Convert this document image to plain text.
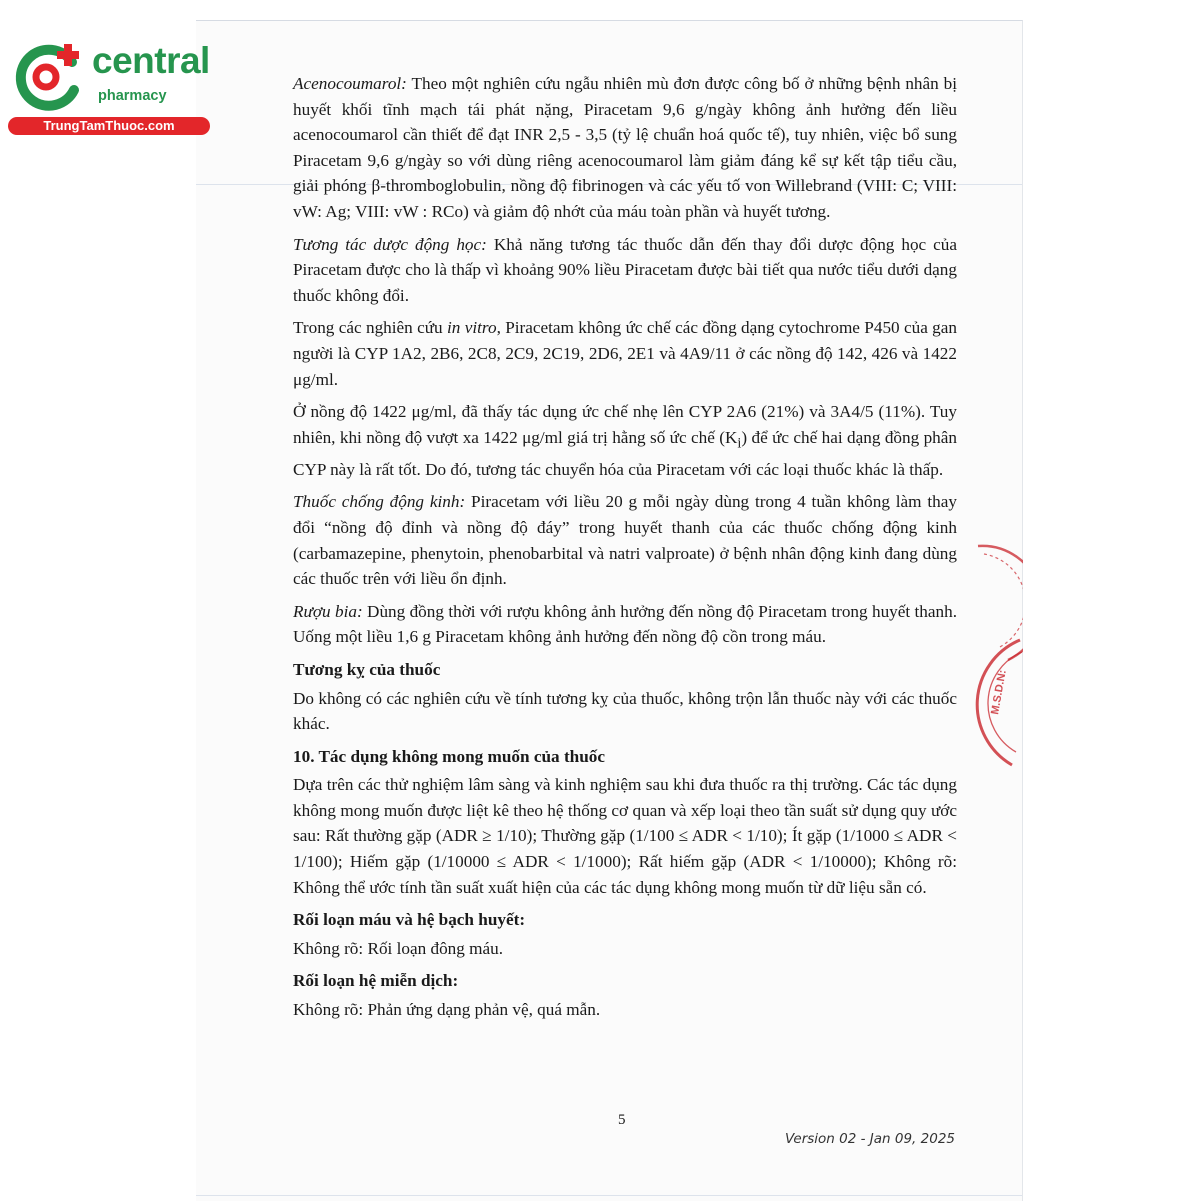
central
pharmacy
TrungTamThuoc.com

Acenocoumarol: Theo một nghiên cứu ngẫu nhiên mù đơn được công bố ở những bệnh nhân bị huyết khối tĩnh mạch tái phát nặng, Piracetam 9,6 g/ngày không ảnh hưởng đến liều acenocoumarol cần thiết để đạt INR 2,5 - 3,5 (tỷ lệ chuẩn hoá quốc tế), tuy nhiên, việc bổ sung Piracetam 9,6 g/ngày so với dùng riêng acenocoumarol làm giảm đáng kể sự kết tập tiểu cầu, giải phóng β-thromboglobulin, nồng độ fibrinogen và các yếu tố von Willebrand (VIII: C; VIII: vW: Ag; VIII: vW : RCo) và giảm độ nhớt của máu toàn phần và huyết tương.

Tương tác dược động học: Khả năng tương tác thuốc dẫn đến thay đổi dược động học của Piracetam được cho là thấp vì khoảng 90% liều Piracetam được bài tiết qua nước tiểu dưới dạng thuốc không đổi.

Trong các nghiên cứu in vitro, Piracetam không ức chế các đồng dạng cytochrome P450 của gan người là CYP 1A2, 2B6, 2C8, 2C9, 2C19, 2D6, 2E1 và 4A9/11 ở các nồng độ 142, 426 và 1422 μg/ml.

Ở nồng độ 1422 μg/ml, đã thấy tác dụng ức chế nhẹ lên CYP 2A6 (21%) và 3A4/5 (11%). Tuy nhiên, khi nồng độ vượt xa 1422 μg/ml giá trị hằng số ức chế $(K_i)$ để ức chế hai dạng đồng phân CYP này là rất tốt. Do đó, tương tác chuyển hóa của Piracetam với các loại thuốc khác là thấp.

Thuốc chống động kinh: Piracetam với liều 20 g mỗi ngày dùng trong 4 tuần không làm thay đổi “nồng độ đỉnh và nồng độ đáy” trong huyết thanh của các thuốc chống động kinh (carbamazepine, phenytoin, phenobarbital và natri valproate) ở bệnh nhân động kinh đang dùng các thuốc trên với liều ổn định.

Rượu bia: Dùng đồng thời với rượu không ảnh hưởng đến nồng độ Piracetam trong huyết thanh. Uống một liều 1,6 g Piracetam không ảnh hưởng đến nồng độ cồn trong máu.

Tương kỵ của thuốc

Do không có các nghiên cứu về tính tương kỵ của thuốc, không trộn lẫn thuốc này với các thuốc khác.

10. Tác dụng không mong muốn của thuốc

Dựa trên các thử nghiệm lâm sàng và kinh nghiệm sau khi đưa thuốc ra thị trường. Các tác dụng không mong muốn được liệt kê theo hệ thống cơ quan và xếp loại theo tần suất sử dụng quy ước sau: Rất thường gặp (ADR ≥ 1/10); Thường gặp (1/100 ≤ ADR < 1/10); Ít gặp (1/1000 ≤ ADR < 1/100); Hiếm gặp (1/10000 ≤ ADR < 1/1000); Rất hiếm gặp (ADR < 1/10000); Không rõ: Không thể ước tính tần suất xuất hiện của các tác dụng không mong muốn từ dữ liệu sẵn có.

Rối loạn máu và hệ bạch huyết:

Không rõ: Rối loạn đông máu.

Rối loạn hệ miễn dịch:

Không rõ: Phản ứng dạng phản vệ, quá mẫn.

5
Version 02 - Jan 09, 2025
M.S.D.N:
